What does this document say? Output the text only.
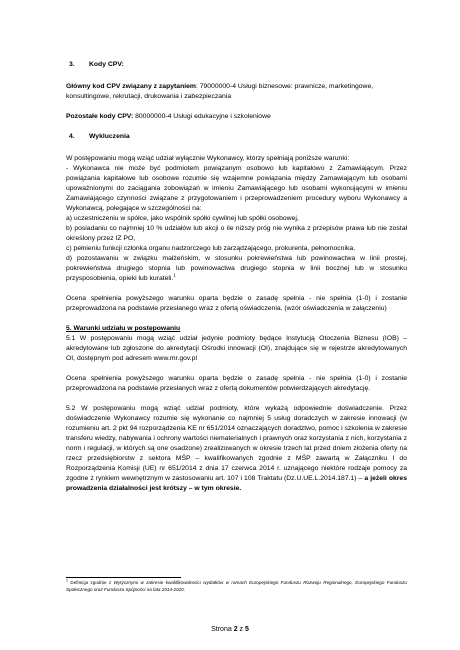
3. Kody CPV:

Główny kod CPV związany z zapytaniem: 79000000-4 Usługi biznesowe: prawnicze, marketingowe, konsultingowe, rekrutacji, drukowania i zabezpieczania

Pozostałe kody CPV: 80000000-4 Usługi edukacyjne i szkoleniowe

4. Wykluczenia

W postępowaniu mogą wziąć udział wyłącznie Wykonawcy, którzy spełniają poniższe warunki:

- Wykonawca nie może być podmiotem powiązanym osobowo lub kapitałowo z Zamawiającym. Przez powiązania kapitałowe lub osobowe rozumie się wzajemne powiązania między Zamawiającym lub osobami upoważnionymi do zaciągania zobowiązań w imieniu Zamawiającego lub osobami wykonującymi w imieniu Zamawiającego czynności związane z przygotowaniem i przeprowadzeniem procedury wyboru Wykonawcy a Wykonawcą, polegające w szczególności na:

a) uczestniczeniu w spółce, jako wspólnik spółki cywilnej lub spółki osobowej,

b) posiadaniu co najmniej 10 % udziałów lub akcji o ile niższy próg nie wynika z przepisów prawa lub nie został określony przez IZ PO,

c) pełnieniu funkcji członka organu nadzorczego lub zarządzającego, prokurenta, pełnomocnika,

d) pozostawaniu w związku małżeńskim, w stosunku pokrewieństwa lub powinowactwa w linii prostej, pokrewieństwa drugiego stopnia lub powinowactwa drugiego stopnia w linii bocznej lub w stosunku przysposobienia, opieki lub kurateli.$^1$

Ocena spełnienia powyższego warunku oparta będzie o zasadę spełnia - nie spełnia (1-0) i zostanie przeprowadzona na podstawie przesłanego wraz z ofertą oświadczenia. (wzór oświadczenia w załączeniu)

5. Warunki udziału w postępowaniu

5.1 W postępowaniu mogą wziąć udział jedynie podmioty będące Instytucją Otoczenia Biznesu (IOB) – akredytowane lub zgłoszone do akredytacji Ośrodki innowacji (OI), znajdujące się w rejestrze akredytowanych OI, dostępnym pod adresem www.mr.gov.pl

Ocena spełnienia powyższego warunku oparta będzie o zasadę spełnia - nie spełnia (1-0) i zostanie przeprowadzona na podstawie przesłanych wraz z ofertą dokumentów potwierdzających akredytację.

5.2 W postępowaniu mogą wziąć udział podmioty, które wykażą odpowiednie doświadczenie. Przez doświadczenie Wykonawcy rozumie się wykonanie co najmniej 5 usług doradczych w zakresie innowacji (w rozumieniu art. 2 pkt 94 rozporządzenia KE nr 651/2014 oznaczających doradztwo, pomoc i szkolenia w zakresie transferu wiedzy, nabywania i ochrony wartości niematerialnych i prawnych oraz korzystania z nich, korzystania z norm i regulacji, w których są one osadzone) zrealizowanych w okresie trzech lat przed dniem złożenia oferty na rzecz przedsiębiorstw z sektora MŚP – kwalifikowanych zgodnie z MŚP zawartą w Załączniku I do Rozporządzenia Komisji (UE) nr 651/2014 z dnia 17 czerwca 2014 r. uznającego niektóre rodzaje pomocy za zgodne z rynkiem wewnętrznym w zastosowaniu art. 107 i 108 Traktatu (Dz.U.UE.L.2014.187.1) – a jeżeli okres prowadzenia działalności jest krótszy – w tym okresie.

$^1$ Definicja zgodnie z Wytycznymi w zakresie kwalifikowalności wydatków w ramach Europejskiego Funduszu Rozwoju Regionalnego, Europejskiego Funduszu Społecznego oraz Funduszu Spójności na lata 2014-2020.

Strona 2 z 5
